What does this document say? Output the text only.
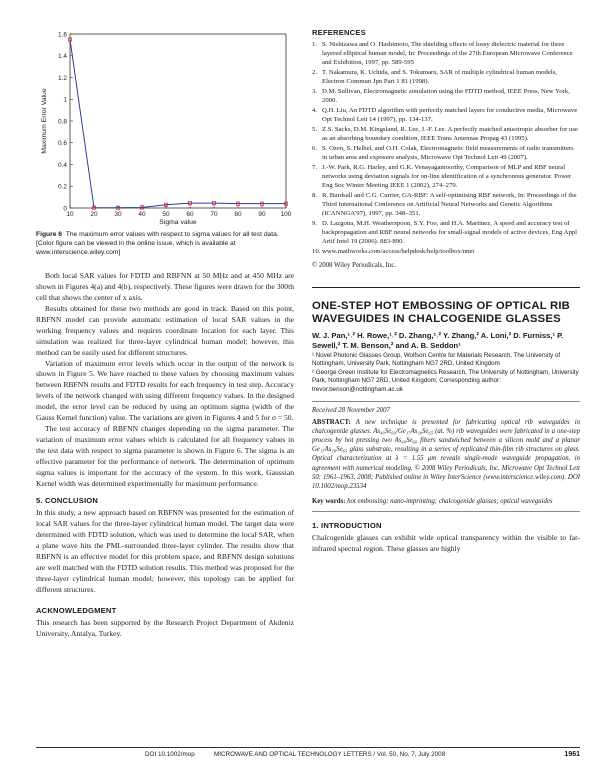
0
0.2
0.4
0.6
0.8
1
1.2
1.4
1.6
10	20	30	40	50	60	70	80	90 100
Sigma value
Maximum Error Value

Figure 6 The maximum error values with respect to sigma values for all test data. [Color figure can be viewed in the online issue, which is available at www.interscience.wiley.com]

Both local SAR values for FDTD and RBFNN at 50 MHz and at 450 MHz are shown in Figures 4(a) and 4(b), respectively. These figures were drawn for the 300th cell that shows the center of x axis.

Results obtained for these two methods are good in track. Based on this point, RBFNN model can provide automatic estimation of local SAR values in the working frequency values and requires coordinate location for each layer. This simulation was realized for three-layer cylindrical human model; however, this method can be easily used for different structures.

Variation of maximum error levels which occur in the output of the network is shown in Figure 5. We have reached to these values by choosing maximum values between RBFNN results and FDTD results for each frequency in test step. Accuracy levels of the network changed with using different frequency values. In the designed model, the error level can be reduced by using an optimum sigma (width of the Gauss Kernel function) value. The variations are given in Figures 4 and 5 for σ = 50.

The test accuracy of RBFNN changes depending on the sigma parameter. The variation of maximum error values which is calculated for all frequency values in the test data with respect to sigma parameter is shown in Figure 6. The sigma is an effective parameter for the performance of network. The determination of optimum sigma values is important for the accuracy of the system. In this work, Gaussian Kernel width was determined experimentally for maximum performance.

5. CONCLUSION

In this study, a new approach based on RBFNN was presented for the estimation of local SAR values for the three-layer cylindrical human model. The target data were determined with FDTD solution, which was used to determine the local SAR, when a plane wave hits the PML-surrounded three-layer cylinder. The results show that RBFNN is an effective model for this problem space, and RBFNN design solutions are well matched with the FDTD solution results. This method was proposed for the three-layer cylindrical human model; however, this topology can be applied for different structures.

ACKNOWLEDGMENT

This research has been supported by the Research Project Department of Akdeniz University, Antalya, Turkey.

REFERENCES
1. S. Nishizawa and O. Hashimoto, The shielding effects of lossy dielectric material for three layered elliptical human model, In: Proceedings of the 27th European Microwave Conference and Exhibition, 1997, pp. 589-595
2. T. Nakamura, K. Uchida, and S. Tokumaru, SAR of multiple cylindrical human models, Electron Commun Jpn Part 1 81 (1998).
3. D.M. Sullivan, Electromagnetic simulation using the FDTD method, IEEE Press, New York, 2000.
4. Q.H. Liu, An FDTD algorithm with perfectly matched layers for conductive media, Microwave Opt Technol Lett 14 (1997), pp. 134-137.
5. Z.S. Sacks, D.M. Kingsland, R. Lee, J.-F. Lee. A perfectly matched anisotropic absorber for use as an absorbing boundary condition, IEEE Trans Antennas Propag 43 (1995).
6. S. Ozen, S. Helhel, and O.H. Colak, Electromagnetic field measurements of radio transmitters in urban area and exposure analysis, Microwave Opt Technol Lett 49 (2007).
7. J.-W. Park, R.G. Harley, and G.K. Venayagamoorthy, Comparison of MLP and RBF neural networks using deviation signals for on-line identification of a synchronous generator. Power Eng Soc Winter Meeting IEEE 1 (2002), 274–279.
8. R. Burdsall and C.G. Currier, GA-RBF: A self-optimising RBF network, In: Proceedings of the Third International Conference on Artificial Neural Networks and Genetic Algorithms (ICANNGA'97), 1997, pp. 348–351.
9. D. Lazgona, M.H. Weatherspoon, S.Y. Foo, and H.A. Martinez, A speed and accuracy test of backpropagation and RBF neural networks for small-signal models of active devices, Eng Appl Artif Intel 19 (2006). 883-890.
10. www.mathworks.com/access/helpdesk/help/toolbox/nnet

© 2008 Wiley Periodicals, Inc.

ONE-STEP HOT EMBOSSING OF OPTICAL RIB WAVEGUIDES IN CHALCOGENIDE GLASSES
W. J. Pan,¹˒² H. Rowe,¹˒² D. Zhang,¹˒² Y. Zhang,² A. Loni,² D. Furniss,¹ P. Sewell,² T. M. Benson,² and A. B. Seddon¹
¹ Novel Photonic Glasses Group, Wolfson Centre for Materials Research, The University of Nottingham, University Park, Nottingham NG7 2RD, United Kingdom
² George Green Institute for Electromagnetics Research, The University of Nottingham, University Park, Nottingham NG7 2RD, United Kingdom; Corresponding author: trevor.benson@nottingham.ac.uk
Received 28 November 2007

ABSTRACT: A new technique is presented for fabricating optical rib waveguides in chalcogenide glasses. As₄₀Se₆₀/Ge₁₇As₁₈Se₆₅ (at. %) rib waveguides were fabricated in a one-step process by hot pressing two As₄₀Se₆₀ fibers sandwiched between a silicon mold and a planar Ge₁₇As₁₈Se₆₅ glass substrate, resulting in a series of replicated thin-film rib structures on glass. Optical characterization at λ = 1.55 μm reveals single-mode waveguide propagation, in agreement with numerical modeling. © 2008 Wiley Periodicals, Inc. Microwave Opt Technol Lett 50: 1961–1963, 2008; Published online in Wiley InterScience (www.interscience.wiley.com). DOI 10.1002/mop.23534

Key words: hot embossing; nano-imprinting; chalcogenide glasses; optical waveguides

1. INTRODUCTION

Chalcogenide glasses can exhibit wide optical transparency within the visible to far-infrared spectral region. These glasses are highly

DOI 10.1002/mop	MICROWAVE AND OPTICAL TECHNOLOGY LETTERS / Vol. 50, No. 7, July 2008	1961
